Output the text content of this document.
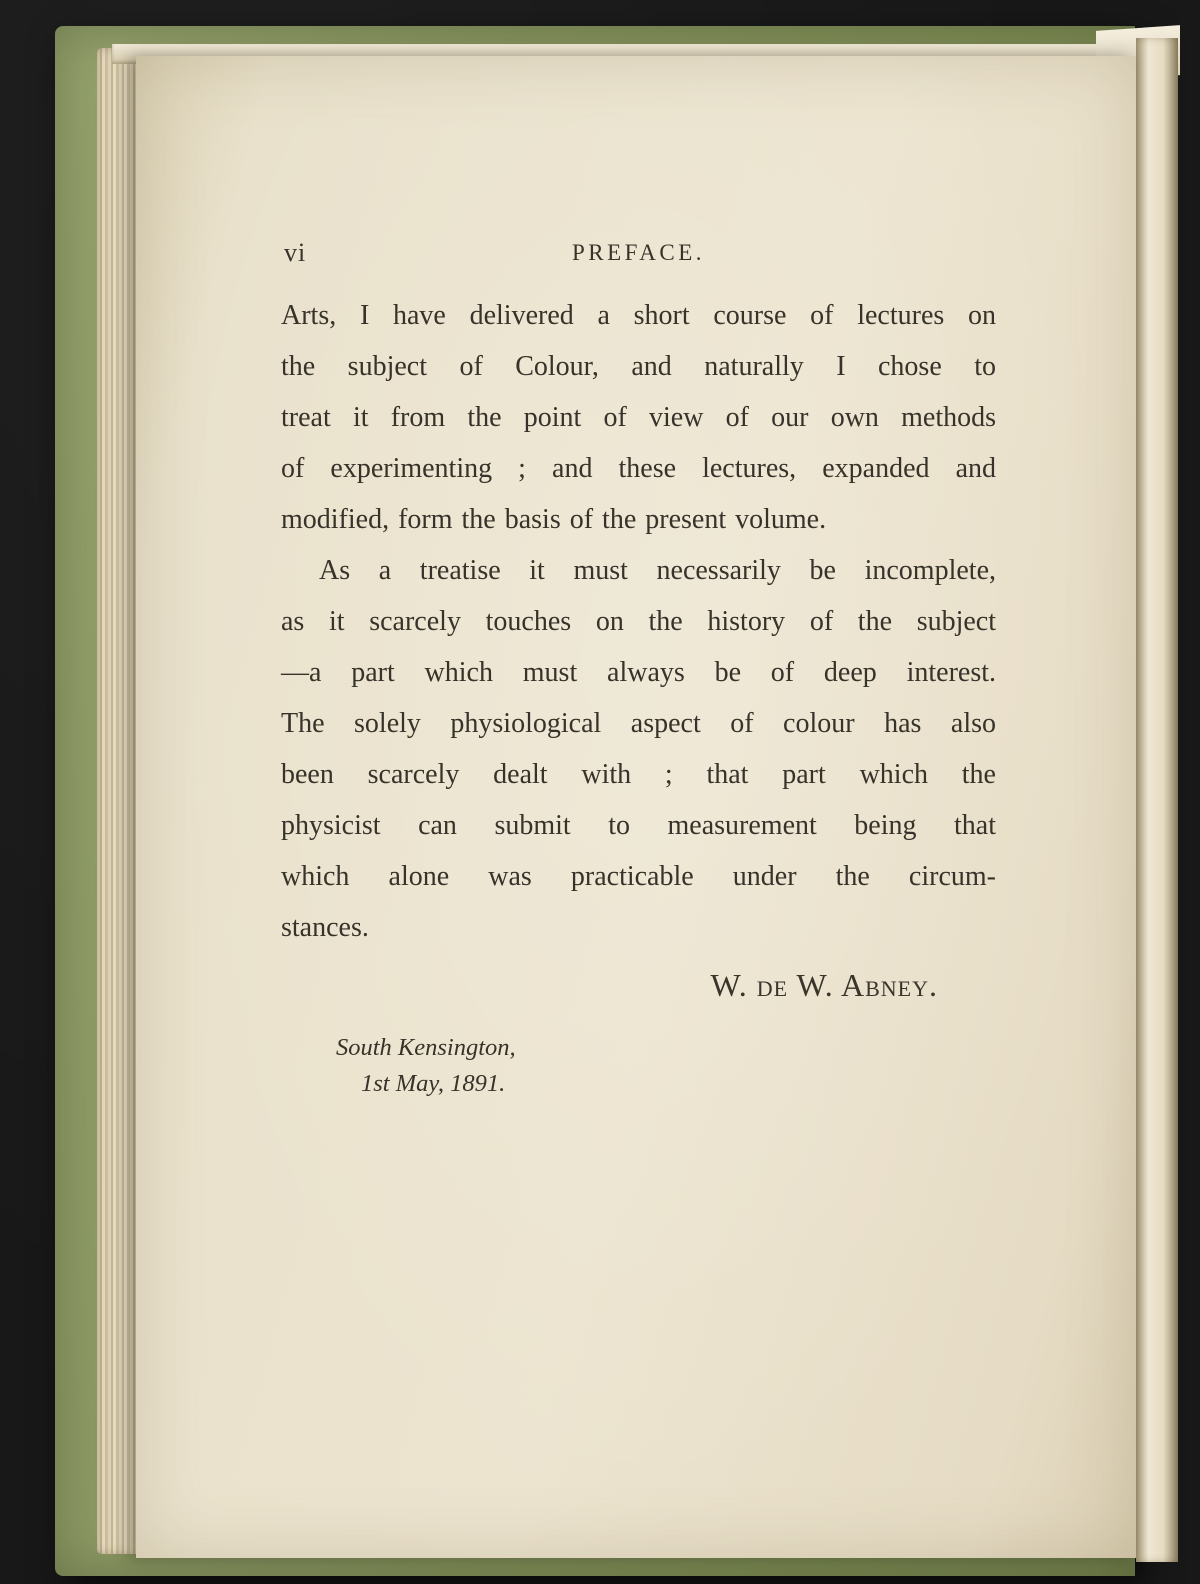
vi	PREFACE.
Arts, I have delivered a short course of lectures on
the subject of Colour, and naturally I chose to
treat it from the point of view of our own methods
of experimenting ; and these lectures, expanded and
modified, form the basis of the present volume.
As a treatise it must necessarily be incomplete,
as it scarcely touches on the history of the subject
—a part which must always be of deep interest.
The solely physiological aspect of colour has also
been scarcely dealt with ; that part which the
physicist can submit to measurement being that
which alone was practicable under the circum-
stances.
W. de W. Abney.
South Kensington,
1st May, 1891.
